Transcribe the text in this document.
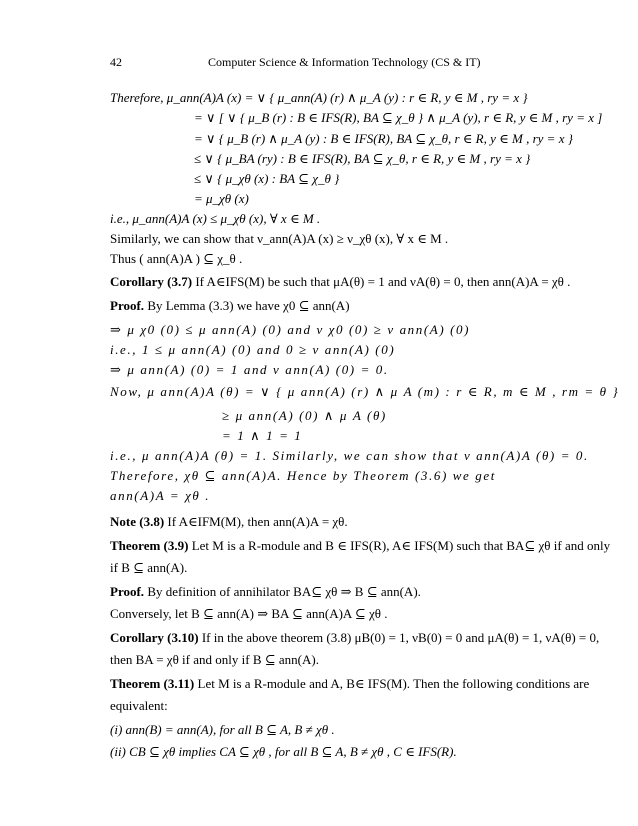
42	Computer Science & Information Technology (CS & IT)
Therefore, μ_ann(A)A (x) = ∨ { μ_ann(A) (r) ∧ μ_A (y) : r ∈ R, y ∈ M , ry = x }
= ∨ [ ∨ { μ_B (r) : B ∈ IFS(R), BA ⊆ χ_θ } ∧ μ_A (y), r ∈ R, y ∈ M , ry = x ]
= ∨ { μ_B (r) ∧ μ_A (y) : B ∈ IFS(R), BA ⊆ χ_θ, r ∈ R, y ∈ M , ry = x }
≤ ∨ { μ_BA (ry) : B ∈ IFS(R), BA ⊆ χ_θ, r ∈ R, y ∈ M , ry = x }
≤ ∨ { μ_χθ (x) : BA ⊆ χ_θ }
= μ_χθ (x)
i.e., μ_ann(A)A (x) ≤ μ_χθ (x), ∀ x ∈ M .
Similarly, we can show that ν_ann(A)A (x) ≥ ν_χθ (x), ∀ x ∈ M .
Thus ( ann(A)A ) ⊆ χ_θ .
Corollary (3.7) If A∈IFS(M) be such that μA(θ) = 1 and νA(θ) = 0, then ann(A)A = χθ .
Proof. By Lemma (3.3) we have χ0 ⊆ ann(A)
⇒ μ χ0 (0) ≤ μ ann(A) (0) and ν χ0 (0) ≥ ν ann(A) (0)
i.e., 1 ≤ μ ann(A) (0) and 0 ≥ ν ann(A) (0)
⇒ μ ann(A) (0) = 1 and ν ann(A) (0) = 0.
Now, μ ann(A)A (θ) = ∨ { μ ann(A) (r) ∧ μ A (m) : r ∈ R, m ∈ M , rm = θ }
≥ μ ann(A) (0) ∧ μ A (θ)
= 1 ∧ 1 = 1
i.e., μ ann(A)A (θ) = 1. Similarly, we can show that ν ann(A)A (θ) = 0.
Therefore, χθ ⊆ ann(A)A. Hence by Theorem (3.6) we get
ann(A)A = χθ .
Note (3.8) If A∈IFM(M), then ann(A)A = χθ.
Theorem (3.9) Let M is a R-module and B ∈ IFS(R), A∈ IFS(M) such that BA⊆ χθ if and only
if B ⊆ ann(A).
Proof. By definition of annihilator BA⊆ χθ ⇒ B ⊆ ann(A).
Conversely, let B ⊆ ann(A) ⇒ BA ⊆ ann(A)A ⊆ χθ .
Corollary (3.10) If in the above theorem (3.8) μB(0) = 1, νB(0) = 0 and μA(θ) = 1, νA(θ) = 0,
then BA = χθ if and only if B ⊆ ann(A).
Theorem (3.11) Let M is a R-module and A, B∈ IFS(M). Then the following conditions are
equivalent:
(i) ann(B) = ann(A), for all B ⊆ A, B ≠ χθ .
(ii) CB ⊆ χθ implies CA ⊆ χθ , for all B ⊆ A, B ≠ χθ , C ∈ IFS(R).
